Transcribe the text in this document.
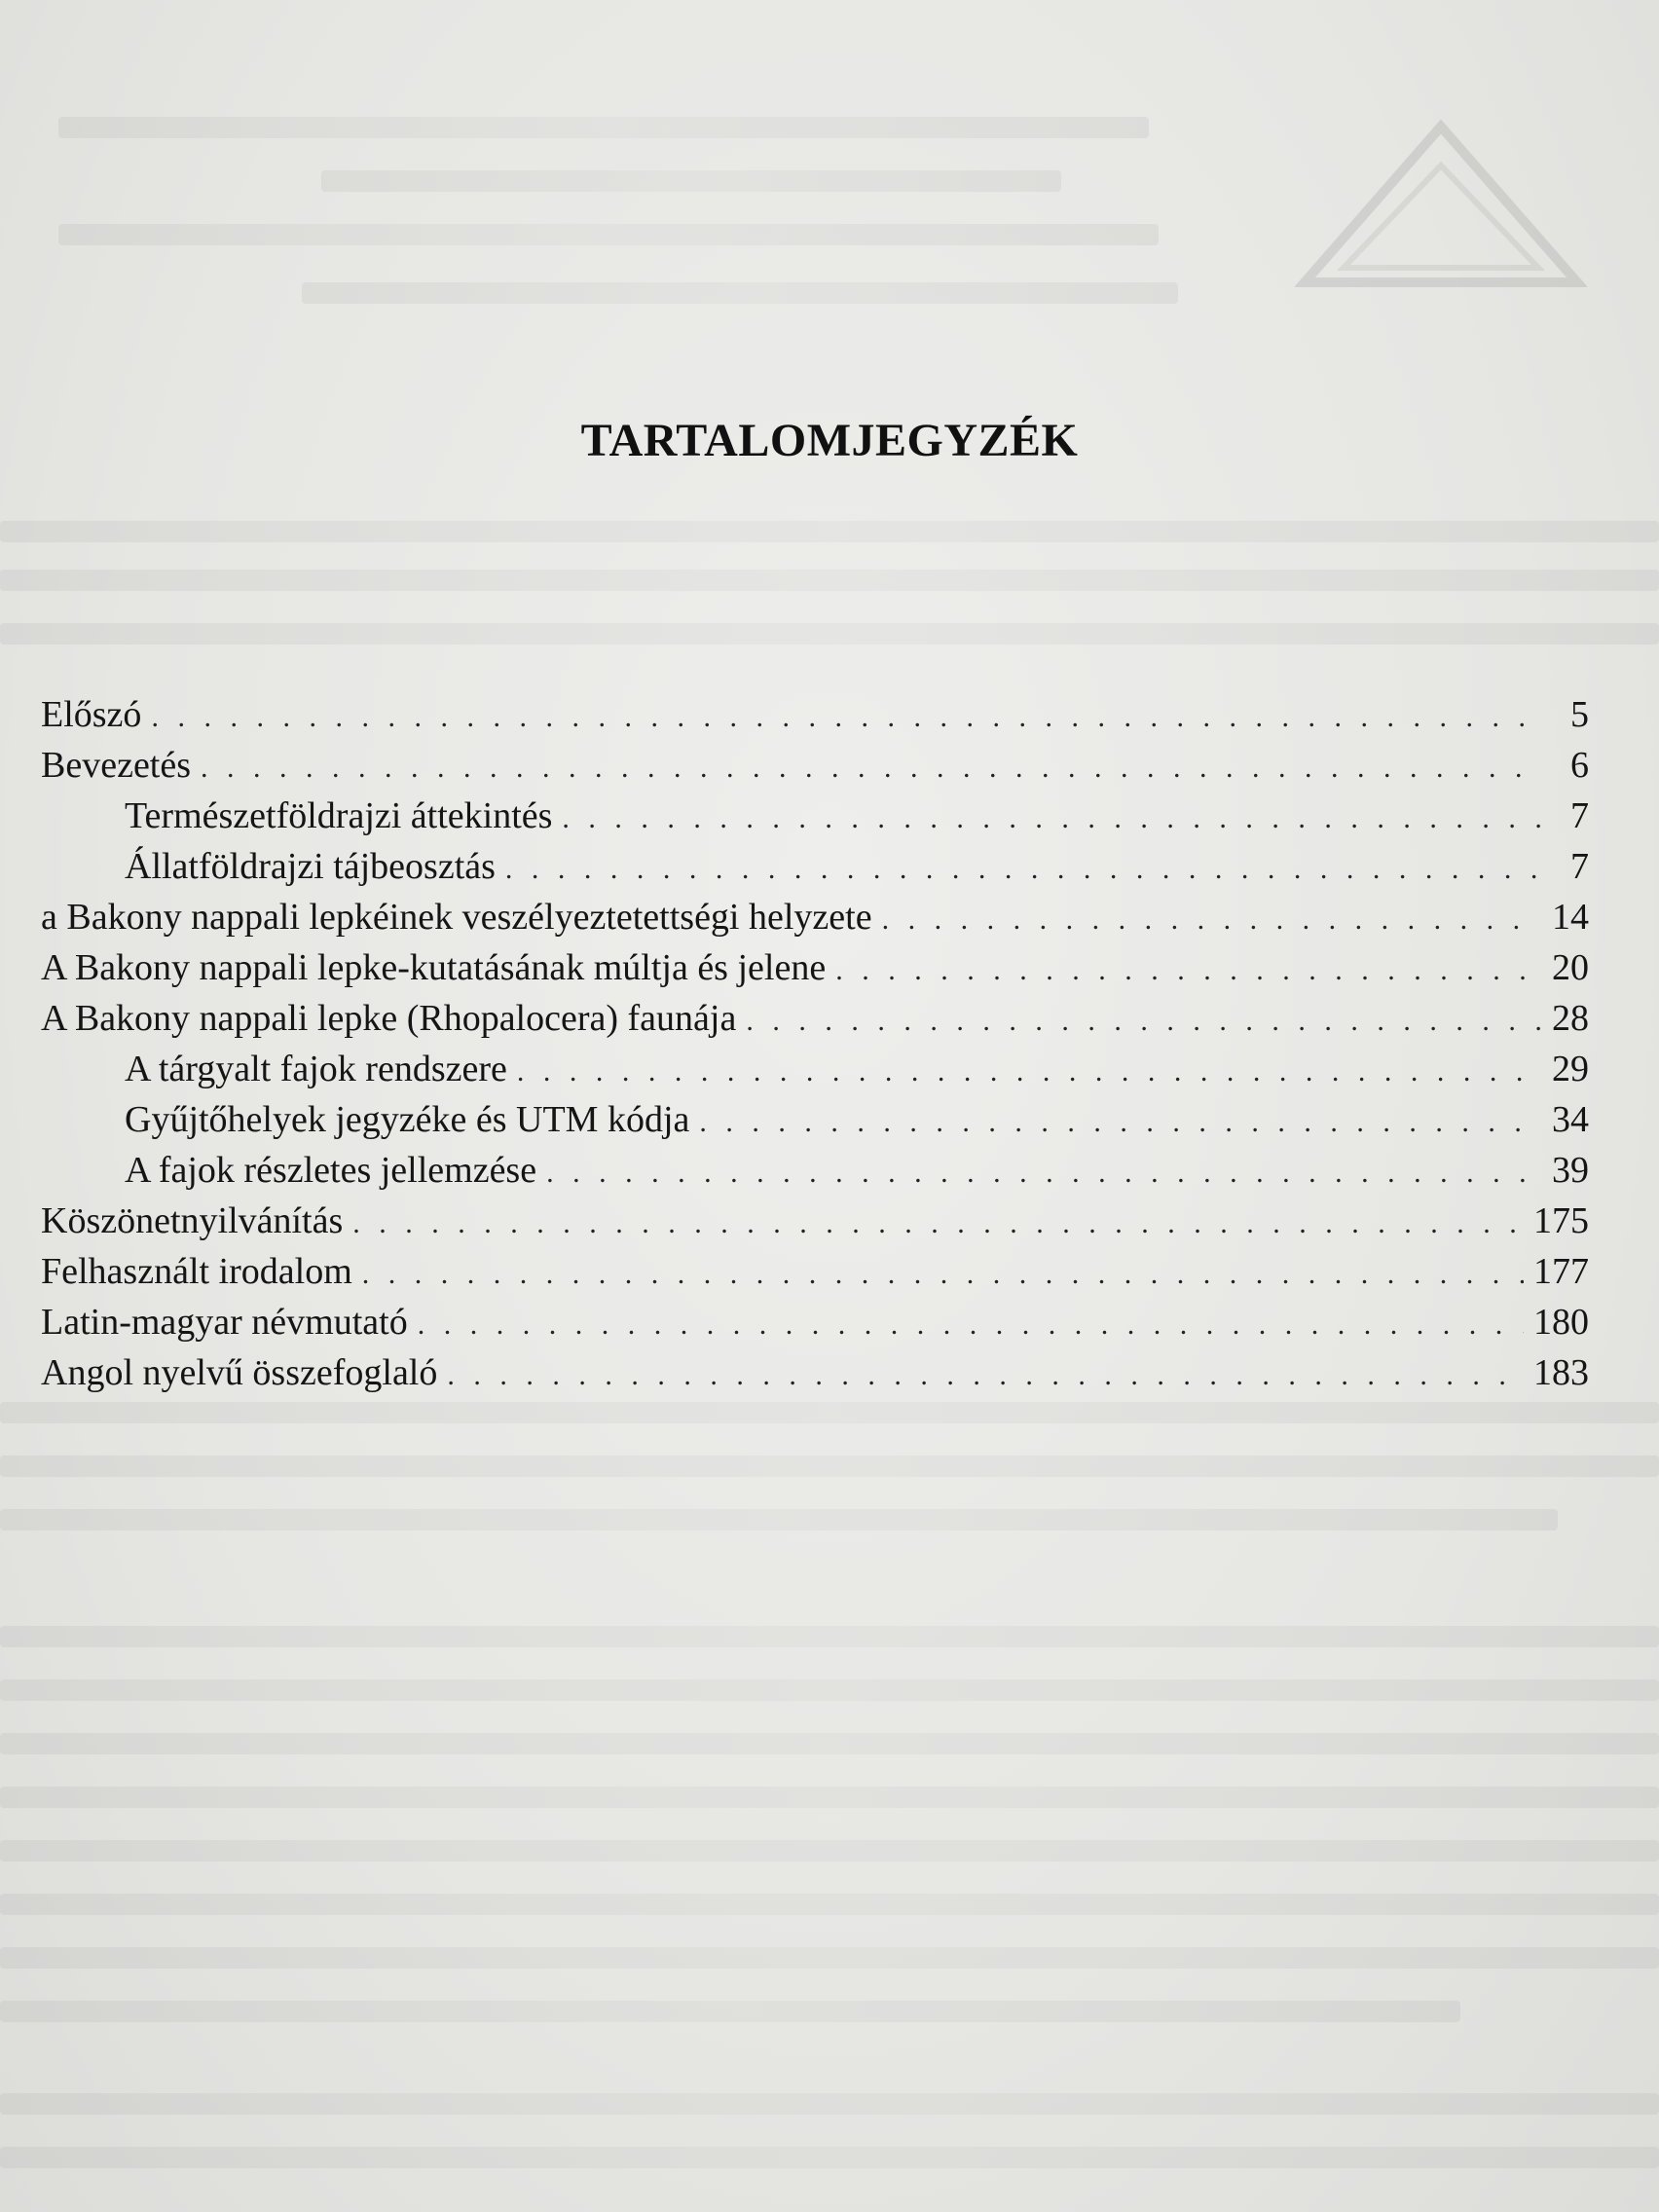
TARTALOMJEGYZÉK
Előszó . . .	5
Bevezetés . . .	6
Természetföldrajzi áttekintés . . .	7
Állatföldrajzi tájbeosztás . . .	7
a Bakony nappali lepkéinek veszélyeztetettségi helyzete . . .	14
A Bakony nappali lepke-kutatásának múltja és jelene . . .	20
A Bakony nappali lepke (Rhopalocera) faunája . . .	28
A tárgyalt fajok rendszere . . .	29
Gyűjtőhelyek jegyzéke és UTM kódja . . .	34
A fajok részletes jellemzése . . .	39
Köszönetnyilvánítás . . .	175
Felhasznált irodalom . . .	177
Latin-magyar névmutató . . .	180
Angol nyelvű összefoglaló . . .	183
